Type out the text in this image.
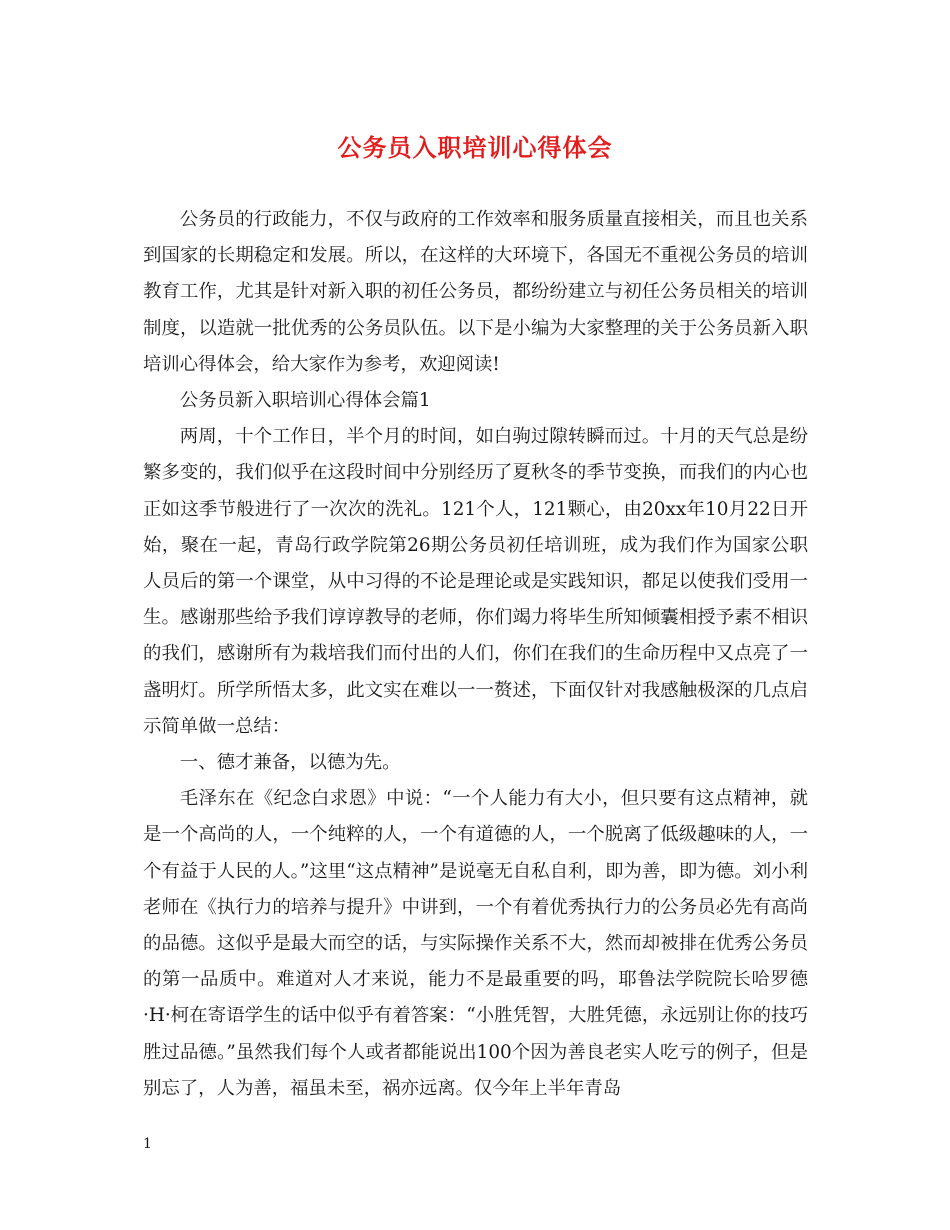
公务员入职培训心得体会

公务员的行政能力，不仅与政府的工作效率和服务质量直接相关，而且也关系到国家的长期稳定和发展。所以，在这样的大环境下，各国无不重视公务员的培训教育工作，尤其是针对新入职的初任公务员，都纷纷建立与初任公务员相关的培训制度，以造就一批优秀的公务员队伍。以下是小编为大家整理的关于公务员新入职培训心得体会，给大家作为参考，欢迎阅读!

公务员新入职培训心得体会篇1

两周，十个工作日，半个月的时间，如白驹过隙转瞬而过。十月的天气总是纷繁多变的，我们似乎在这段时间中分别经历了夏秋冬的季节变换，而我们的内心也正如这季节般进行了一次次的洗礼。121个人，121颗心，由20xx年10月22日开始，聚在一起，青岛行政学院第26期公务员初任培训班，成为我们作为国家公职人员后的第一个课堂，从中习得的不论是理论或是实践知识，都足以使我们受用一生。感谢那些给予我们谆谆教导的老师，你们竭力将毕生所知倾囊相授予素不相识的我们，感谢所有为栽培我们而付出的人们，你们在我们的生命历程中又点亮了一盏明灯。所学所悟太多，此文实在难以一一赘述，下面仅针对我感触极深的几点启示简单做一总结：

一、德才兼备，以德为先。

毛泽东在《纪念白求恩》中说：“一个人能力有大小，但只要有这点精神，就是一个高尚的人，一个纯粹的人，一个有道德的人，一个脱离了低级趣味的人，一个有益于人民的人。”这里“这点精神”是说毫无自私自利，即为善，即为德。刘小利老师在《执行力的培养与提升》中讲到，一个有着优秀执行力的公务员必先有高尚的品德。这似乎是最大而空的话，与实际操作关系不大，然而却被排在优秀公务员的第一品质中。难道对人才来说，能力不是最重要的吗，耶鲁法学院院长哈罗德·H·柯在寄语学生的话中似乎有着答案：“小胜凭智，大胜凭德，永远别让你的技巧胜过品德。”虽然我们每个人或者都能说出100个因为善良老实人吃亏的例子，但是别忘了，人为善，福虽未至，祸亦远离。仅今年上半年青岛

1
